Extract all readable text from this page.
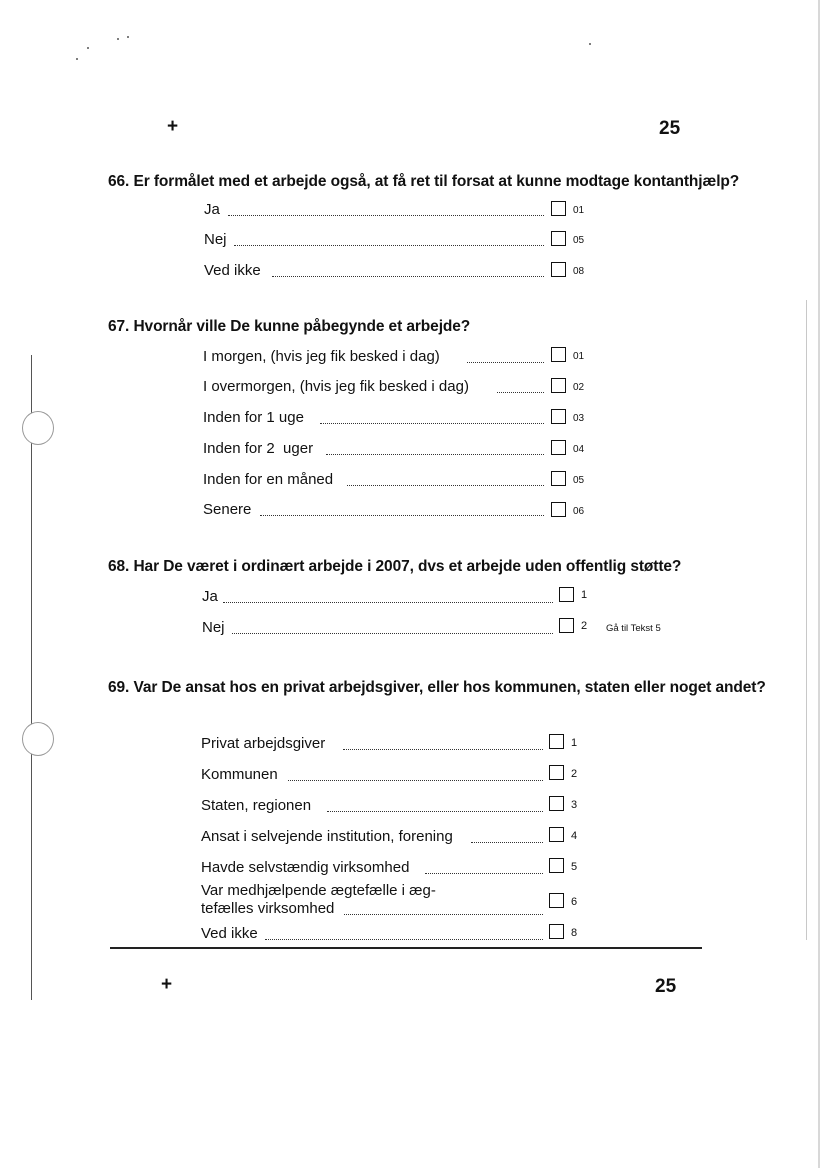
+	25
66. Er formålet med et arbejde også, at få ret til forsat at kunne modtage kontanthjælp?
Ja	01
Nej	05
Ved ikke	08
67. Hvornår ville De kunne påbegynde et arbejde?
I morgen, (hvis jeg fik besked i dag)	01
I overmorgen, (hvis jeg fik besked i dag)	02
Inden for 1 uge	03
Inden for 2  uger	04
Inden for en måned	05
Senere	06
68. Har De været i ordinært arbejde i 2007, dvs et arbejde uden offentlig støtte?
Ja	1
Nej	2 Gå til Tekst 5
69. Var De ansat hos en privat arbejdsgiver, eller hos kommunen, staten eller noget andet?
Privat arbejdsgiver	1
Kommunen	2
Staten, regionen	3
Ansat i selvejende institution, forening	4
Havde selvstændig virksomhed	5
Var medhjælpende ægtefælle i æg-
tefælles virksomhed	6
Ved ikke	8
+	25
